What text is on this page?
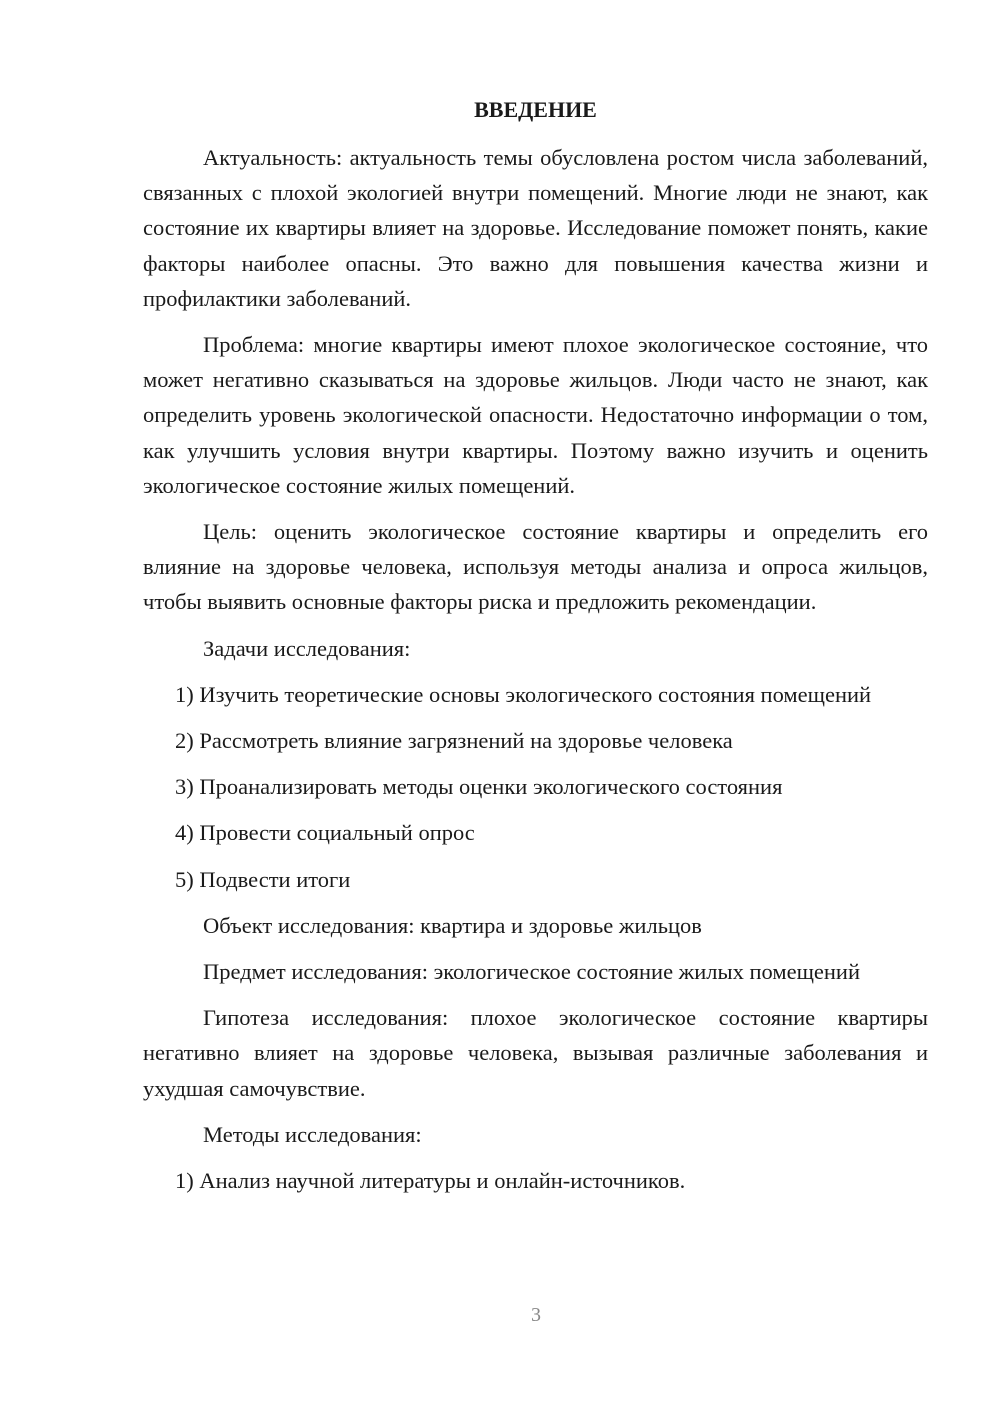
ВВЕДЕНИЕ

Актуальность: актуальность темы обусловлена ростом числа заболеваний, связанных с плохой экологией внутри помещений. Многие люди не знают, как состояние их квартиры влияет на здоровье. Исследование поможет понять, какие факторы наиболее опасны. Это важно для повышения качества жизни и профилактики заболеваний.

Проблема: многие квартиры имеют плохое экологическое состояние, что может негативно сказываться на здоровье жильцов. Люди часто не знают, как определить уровень экологической опасности. Недостаточно информации о том, как улучшить условия внутри квартиры. Поэтому важно изучить и оценить экологическое состояние жилых помещений.

Цель: оценить экологическое состояние квартиры и определить его влияние на здоровье человека, используя методы анализа и опроса жильцов, чтобы выявить основные факторы риска и предложить рекомендации.

Задачи исследования:

1) Изучить теоретические основы экологического состояния помещений

2) Рассмотреть влияние загрязнений на здоровье человека

3) Проанализировать методы оценки экологического состояния

4) Провести социальный опрос

5) Подвести итоги

Объект исследования: квартира и здоровье жильцов

Предмет исследования: экологическое состояние жилых помещений

Гипотеза исследования: плохое экологическое состояние квартиры негативно влияет на здоровье человека, вызывая различные заболевания и ухудшая самочувствие.

Методы исследования:

1) Анализ научной литературы и онлайн-источников.

3
